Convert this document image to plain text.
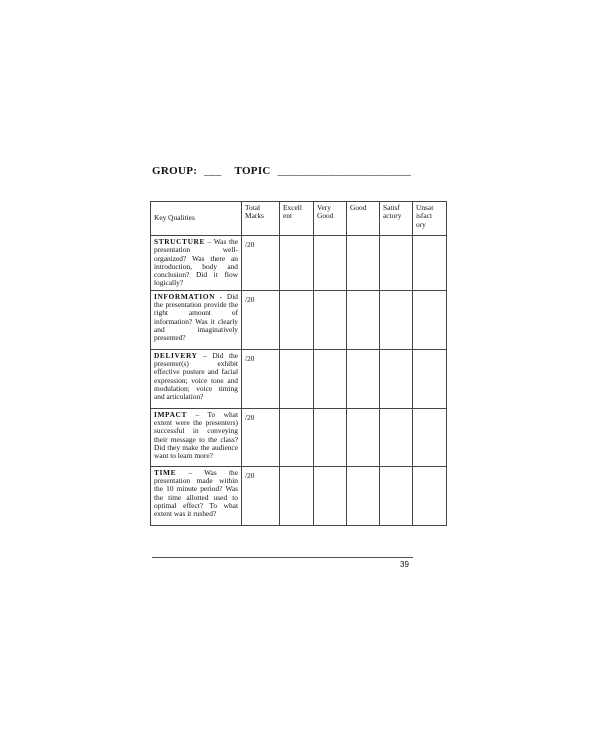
GROUP: ___ TOPIC _______________________
Key Qualities	Total Marks	Excell ent	Very Good	Good	Satisf actory	Unsat isfact ory
STRUCTURE – Was the presentation well-organized? Was there an introduction, body and conclusion? Did it flow logically?	/20					
INFORMATION - Did the presentation provide the right amount of information? Was it clearly and imaginatively presented?	/20					
DELIVERY – Did the presenter(s) exhibit effective posture and facial expression; voice tone and modulation; voice timing and articulation?	/20					
IMPACT – To what extent were the presenters) successful in conveying their message to the class? Did they make the audience want to learn more?	/20					
TIME – Was the presentation made within the 10 minute period? Was the time allotted used to optimal effect? To what extent was it rushed?	/20					
39
